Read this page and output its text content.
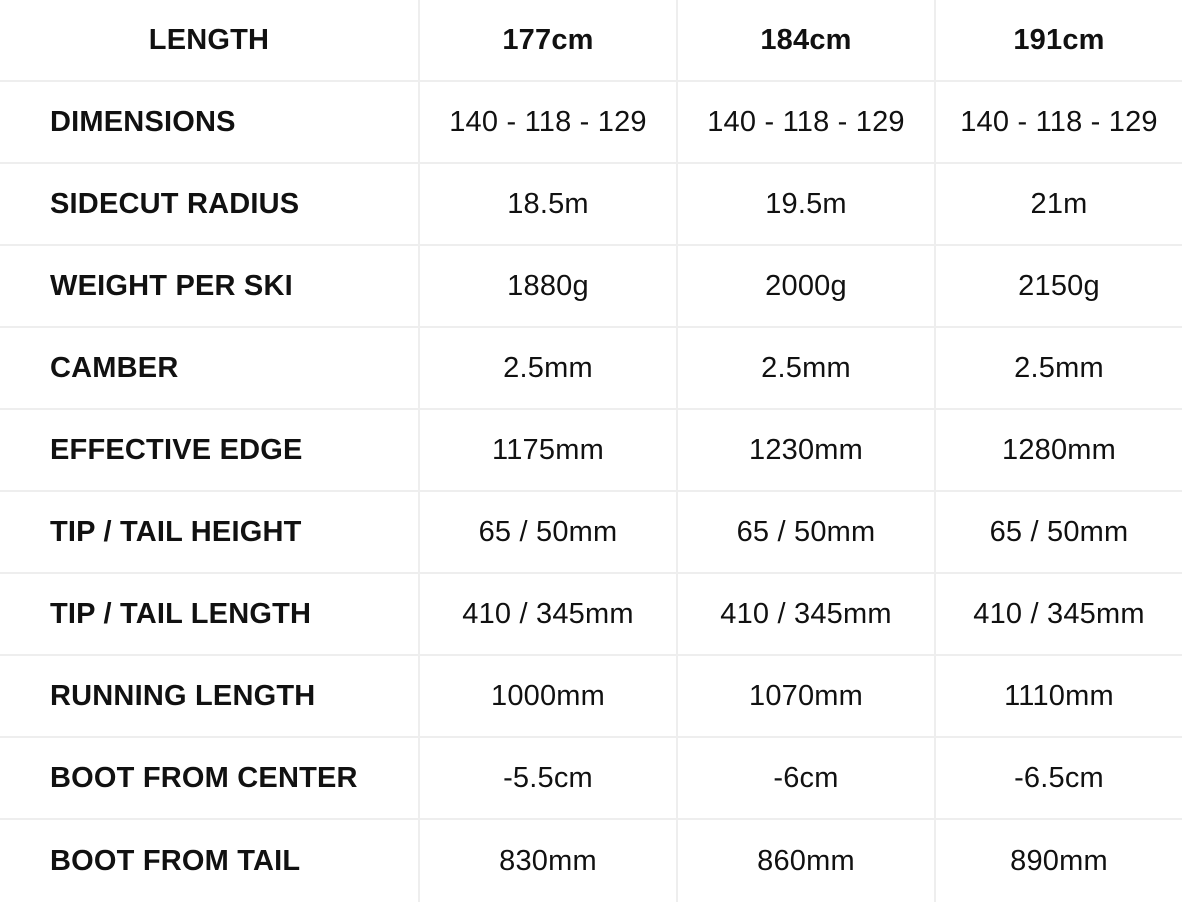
LENGTH	177cm	184cm	191cm
DIMENSIONS	140 - 118 - 129	140 - 118 - 129	140 - 118 - 129
SIDECUT RADIUS	18.5m	19.5m	21m
WEIGHT PER SKI	1880g	2000g	2150g
CAMBER	2.5mm	2.5mm	2.5mm
EFFECTIVE EDGE	1175mm	1230mm	1280mm
TIP / TAIL HEIGHT	65 / 50mm	65 / 50mm	65 / 50mm
TIP / TAIL LENGTH	410 / 345mm	410 / 345mm	410 / 345mm
RUNNING LENGTH	1000mm	1070mm	1110mm
BOOT FROM CENTER	-5.5cm	-6cm	-6.5cm
BOOT FROM TAIL	830mm	860mm	890mm
